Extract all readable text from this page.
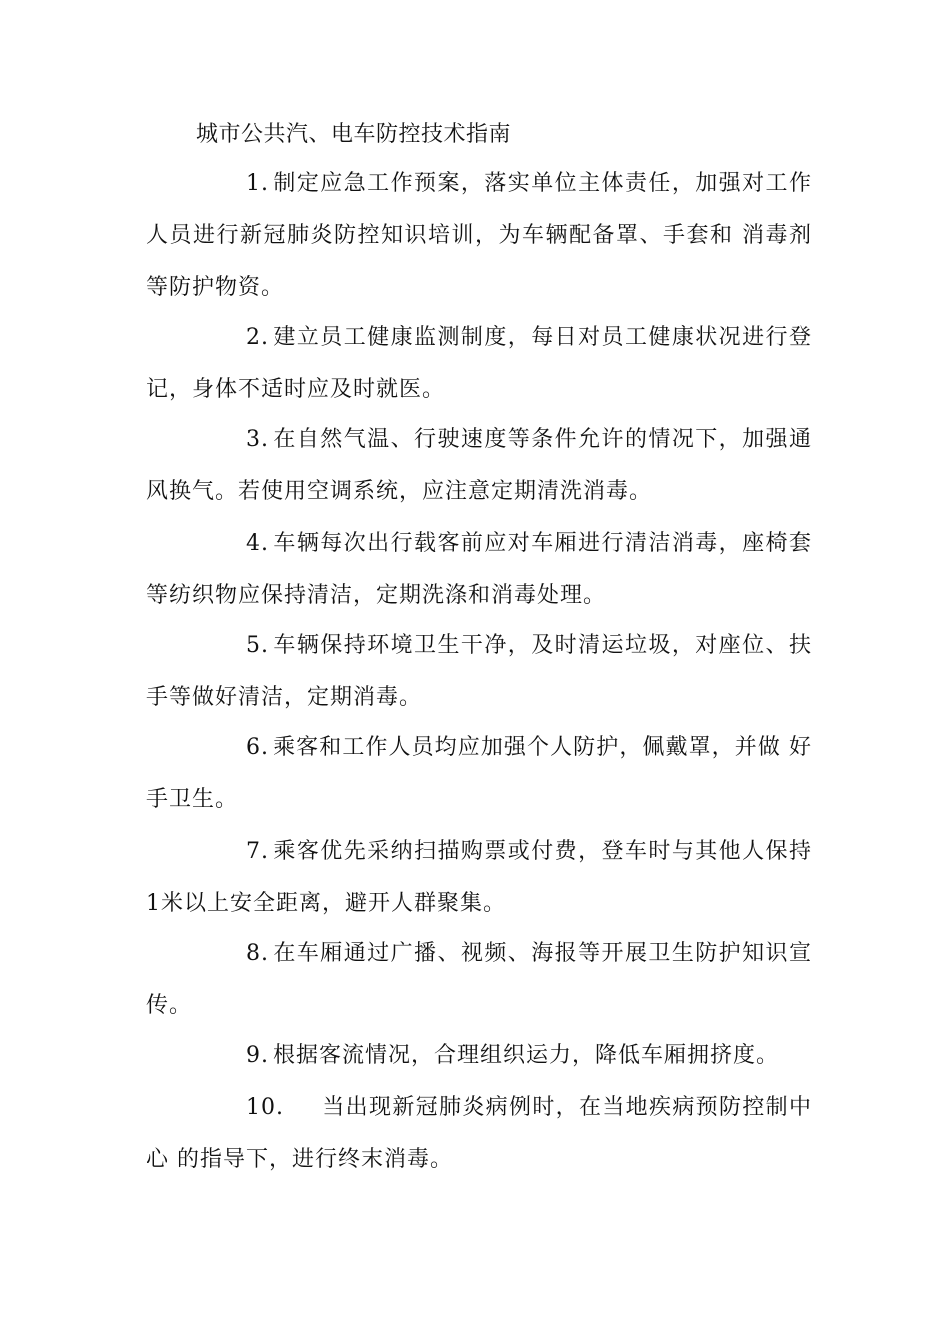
城市公共汽、电车防控技术指南

1. 制定应急工作预案，落实单位主体责任，加强对工作 人员进行新冠肺炎防控知识培训，为车辆配备罩、手套和 消毒剂等防护物资。

2. 建立员工健康监测制度，每日对员工健康状况进行登记，身体不适时应及时就医。

3. 在自然气温、行驶速度等条件允许的情况下，加强通 风换气。若使用空调系统，应注意定期清洗消毒。

4. 车辆每次出行载客前应对车厢进行清洁消毒，座椅套 等纺织物应保持清洁，定期洗涤和消毒处理。

5. 车辆保持环境卫生干净，及时清运垃圾，对座位、扶 手等做好清洁，定期消毒。

6. 乘客和工作人员均应加强个人防护，佩戴罩，并做 好手卫生。

7. 乘客优先采纳扫描购票或付费，登车时与其他人保持 1米以上安全距离，避开人群聚集。

8. 在车厢通过广播、视频、海报等开展卫生防护知识宣传。

9. 根据客流情况，合理组织运力，降低车厢拥挤度。

10. 当出现新冠肺炎病例时，在当地疾病预防控制中心 的指导下，进行终末消毒。
